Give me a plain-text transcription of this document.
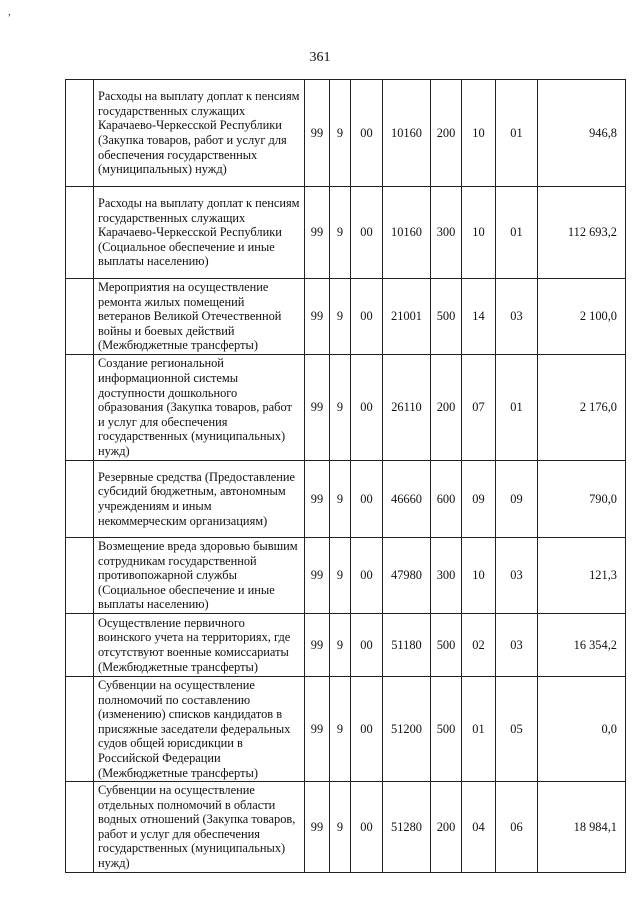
,
361
	Расходы на выплату доплат к пенсиям государственных служащих Карачаево-Черкесской Республики (Закупка товаров, работ и услуг для обеспечения государственных (муниципальных) нужд)	99	9	00	10160	200	10	01	946,8
	Расходы на выплату доплат к пенсиям государственных служащих Карачаево-Черкесской Республики (Социальное обеспечение и иные выплаты населению)	99	9	00	10160	300	10	01	112 693,2
	Мероприятия на осуществление ремонта жилых помещений ветеранов Великой Отечественной войны и боевых действий (Межбюджетные трансферты)	99	9	00	21001	500	14	03	2 100,0
	Создание региональной информационной системы доступности дошкольного образования (Закупка товаров, работ и услуг для обеспечения государственных (муниципальных) нужд)	99	9	00	26110	200	07	01	2 176,0
	Резервные средства (Предоставление субсидий бюджетным, автономным учреждениям и иным некоммерческим организациям)	99	9	00	46660	600	09	09	790,0
	Возмещение вреда здоровью бывшим сотрудникам государственной противопожарной службы (Социальное обеспечение и иные выплаты населению)	99	9	00	47980	300	10	03	121,3
	Осуществление первичного воинского учета на территориях, где отсутствуют военные комиссариаты (Межбюджетные трансферты)	99	9	00	51180	500	02	03	16 354,2
	Субвенции на осуществление полномочий по составлению (изменению) списков кандидатов в присяжные заседатели федеральных судов общей юрисдикции в Российской Федерации (Межбюджетные трансферты)	99	9	00	51200	500	01	05	0,0
	Субвенции на осуществление отдельных полномочий в области водных отношений (Закупка товаров, работ и услуг для обеспечения государственных (муниципальных) нужд)	99	9	00	51280	200	04	06	18 984,1
